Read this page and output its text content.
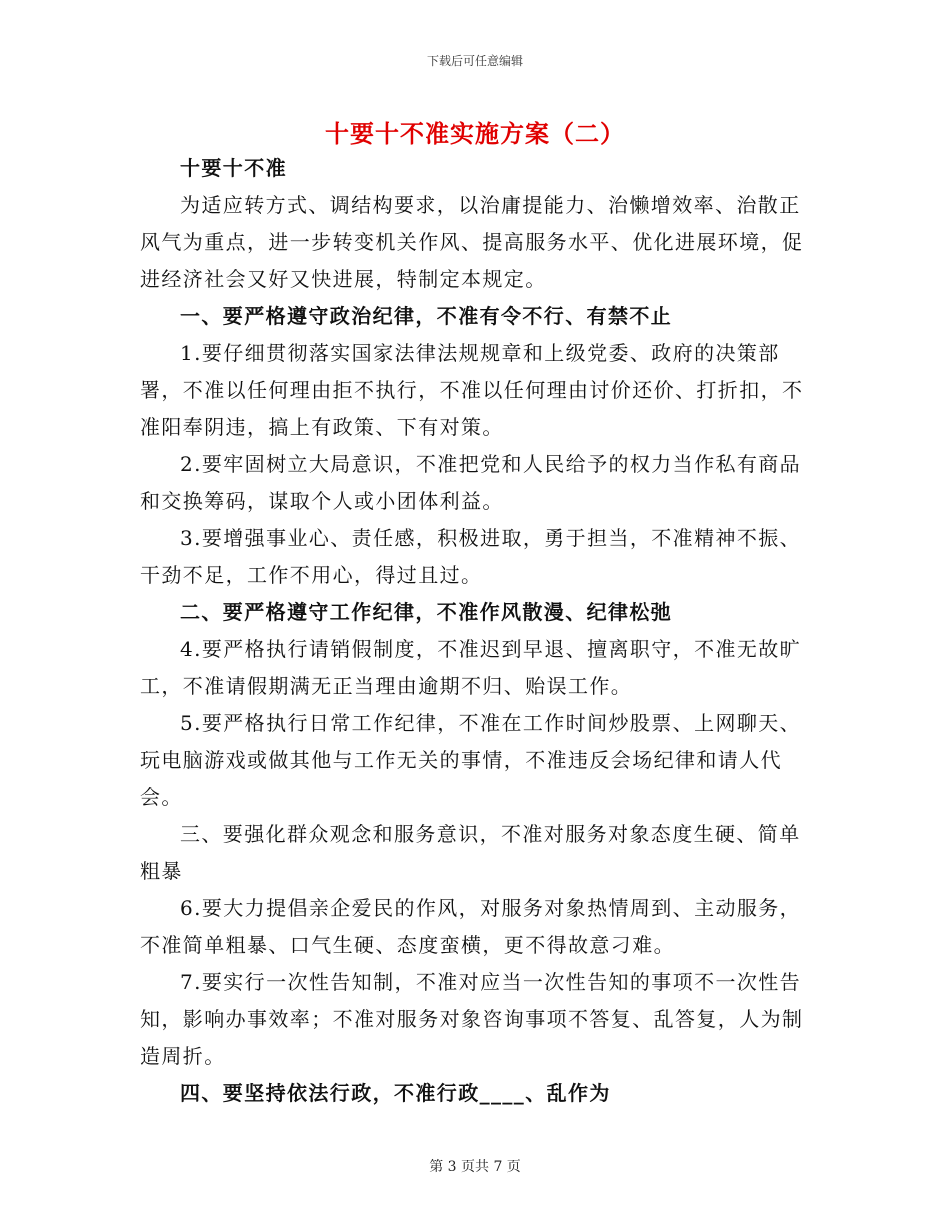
下载后可任意编辑
十要十不准实施方案（二）

十要十不准

为适应转方式、调结构要求，以治庸提能力、治懒增效率、治散正风气为重点，进一步转变机关作风、提高服务水平、优化进展环境，促进经济社会又好又快进展，特制定本规定。

一、要严格遵守政治纪律，不准有令不行、有禁不止

1.要仔细贯彻落实国家法律法规规章和上级党委、政府的决策部署，不准以任何理由拒不执行，不准以任何理由讨价还价、打折扣，不准阳奉阴违，搞上有政策、下有对策。

2.要牢固树立大局意识，不准把党和人民给予的权力当作私有商品和交换筹码，谋取个人或小团体利益。

3.要增强事业心、责任感，积极进取，勇于担当，不准精神不振、干劲不足，工作不用心，得过且过。

二、要严格遵守工作纪律，不准作风散漫、纪律松弛

4.要严格执行请销假制度，不准迟到早退、擅离职守，不准无故旷工，不准请假期满无正当理由逾期不归、贻误工作。

5.要严格执行日常工作纪律，不准在工作时间炒股票、上网聊天、玩电脑游戏或做其他与工作无关的事情，不准违反会场纪律和请人代会。

三、要强化群众观念和服务意识，不准对服务对象态度生硬、简单粗暴

6.要大力提倡亲企爱民的作风，对服务对象热情周到、主动服务，不准简单粗暴、口气生硬、态度蛮横，更不得故意刁难。

7.要实行一次性告知制，不准对应当一次性告知的事项不一次性告知，影响办事效率；不准对服务对象咨询事项不答复、乱答复，人为制造周折。

四、要坚持依法行政，不准行政____、乱作为

第 3 页共 7 页
